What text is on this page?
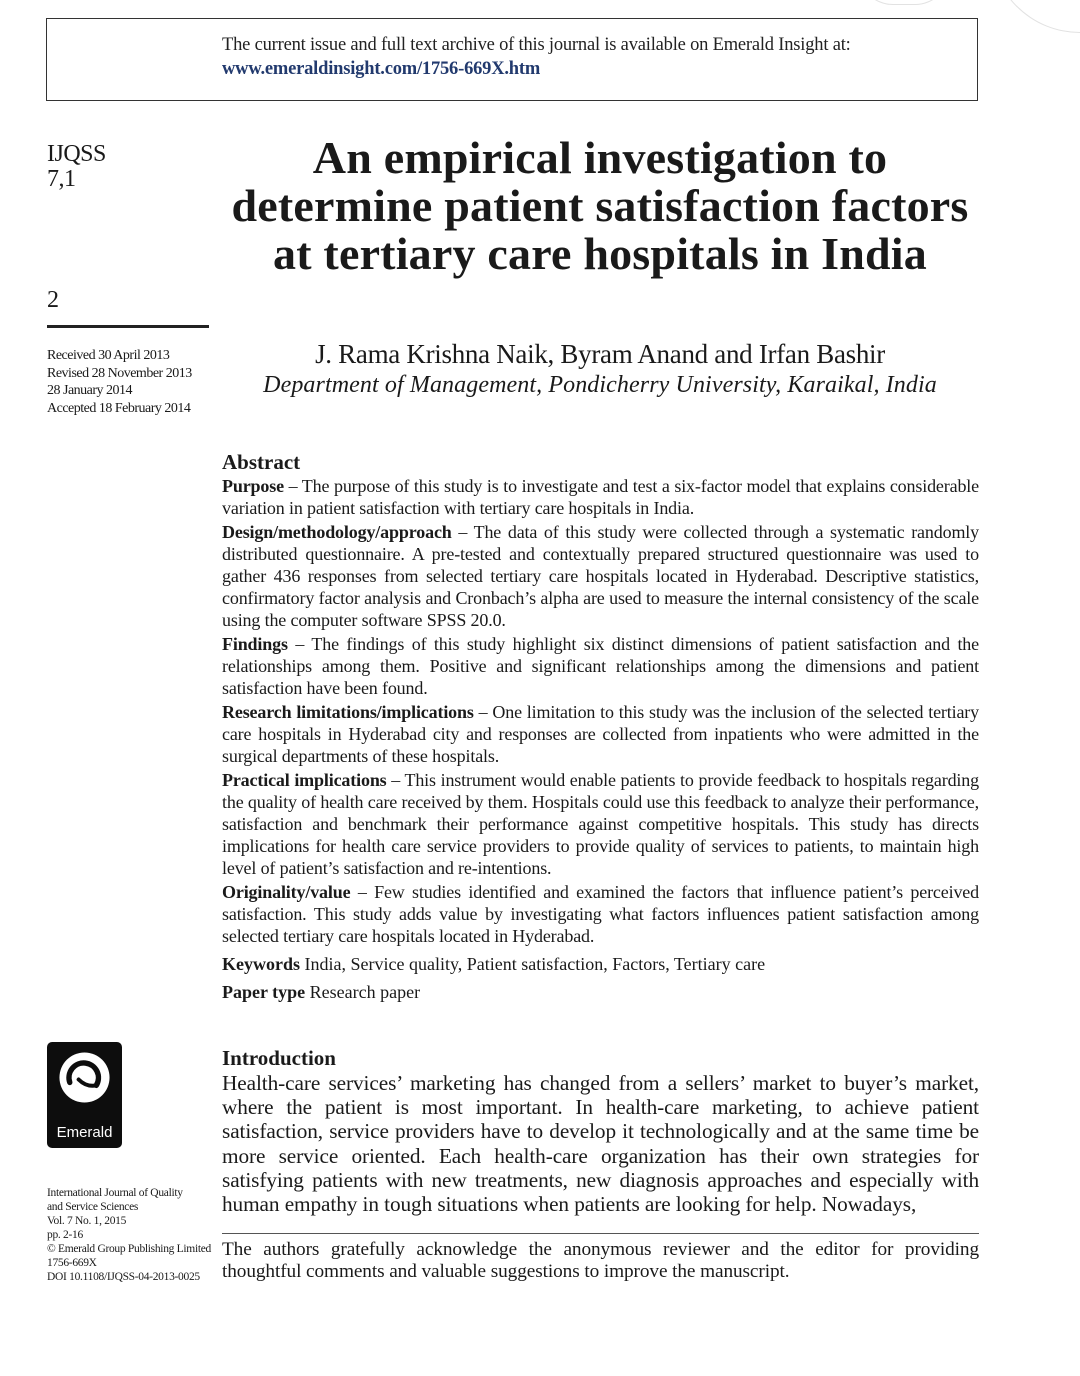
The current issue and full text archive of this journal is available on Emerald Insight at:
www.emeraldinsight.com/1756-669X.htm
IJQSS
7,1
2
Received 30 April 2013
Revised 28 November 2013
28 January 2014
Accepted 18 February 2014
An empirical investigation to determine patient satisfaction factors at tertiary care hospitals in India
J. Rama Krishna Naik, Byram Anand and Irfan Bashir
Department of Management, Pondicherry University, Karaikal, India
Abstract

Purpose – The purpose of this study is to investigate and test a six-factor model that explains considerable variation in patient satisfaction with tertiary care hospitals in India.

Design/methodology/approach – The data of this study were collected through a systematic randomly distributed questionnaire. A pre-tested and contextually prepared structured questionnaire was used to gather 436 responses from selected tertiary care hospitals located in Hyderabad. Descriptive statistics, confirmatory factor analysis and Cronbach’s alpha are used to measure the internal consistency of the scale using the computer software SPSS 20.0.

Findings – The findings of this study highlight six distinct dimensions of patient satisfaction and the relationships among them. Positive and significant relationships among the dimensions and patient satisfaction have been found.

Research limitations/implications – One limitation to this study was the inclusion of the selected tertiary care hospitals in Hyderabad city and responses are collected from inpatients who were admitted in the surgical departments of these hospitals.

Practical implications – This instrument would enable patients to provide feedback to hospitals regarding the quality of health care received by them. Hospitals could use this feedback to analyze their performance, satisfaction and benchmark their performance against competitive hospitals. This study has directs implications for health care service providers to provide quality of services to patients, to maintain high level of patient’s satisfaction and re-intentions.

Originality/value – Few studies identified and examined the factors that influence patient’s perceived satisfaction. This study adds value by investigating what factors influences patient satisfaction among selected tertiary care hospitals located in Hyderabad.

Keywords India, Service quality, Patient satisfaction, Factors, Tertiary care
Paper type Research paper
Emerald
International Journal of Quality
and Service Sciences
Vol. 7 No. 1, 2015
pp. 2-16
© Emerald Group Publishing Limited
1756-669X
DOI 10.1108/IJQSS-04-2013-0025
Introduction
Health-care services’ marketing has changed from a sellers’ market to buyer’s market, where the patient is most important. In health-care marketing, to achieve patient satisfaction, service providers have to develop it technologically and at the same time be more service oriented. Each health-care organization has their own strategies for satisfying patients with new treatments, new diagnosis approaches and especially with human empathy in tough situations when patients are looking for help. Nowadays,
The authors gratefully acknowledge the anonymous reviewer and the editor for providing thoughtful comments and valuable suggestions to improve the manuscript.
